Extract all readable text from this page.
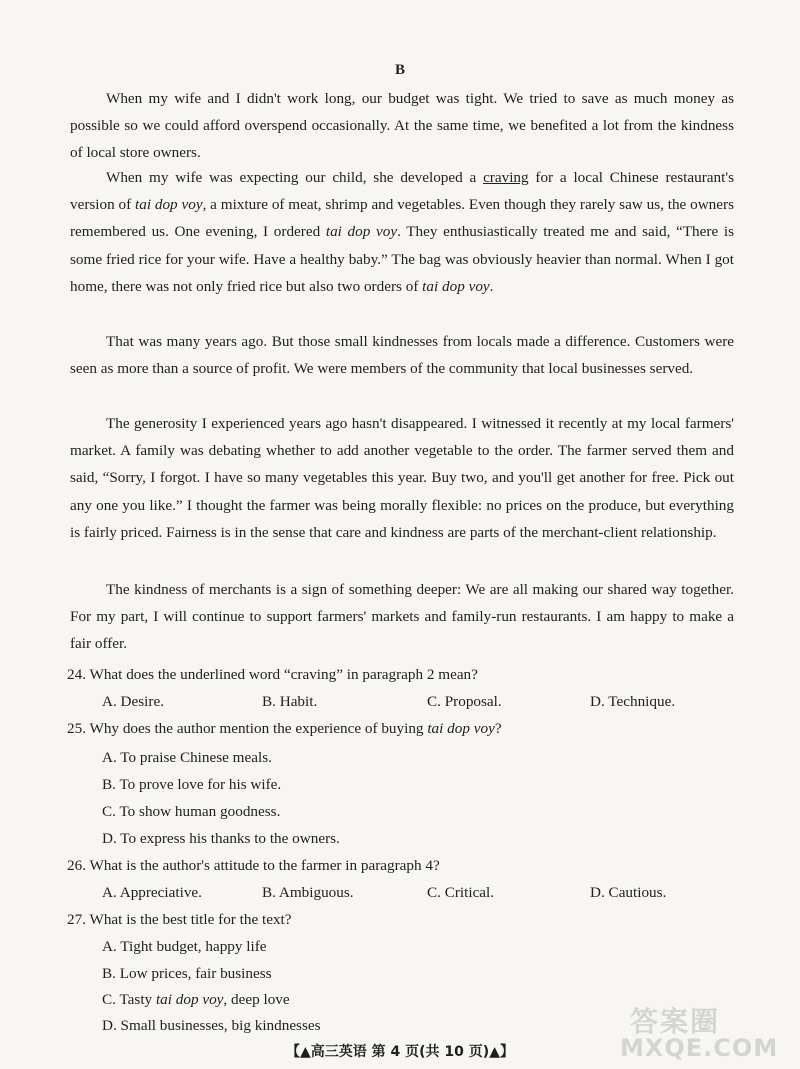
B

When my wife and I didn't work long, our budget was tight. We tried to save as much money as possible so we could afford overspend occasionally. At the same time, we benefited a lot from the kindness of local store owners.

When my wife was expecting our child, she developed a craving for a local Chinese restaurant's version of tai dop voy, a mixture of meat, shrimp and vegetables. Even though they rarely saw us, the owners remembered us. One evening, I ordered tai dop voy. They enthusiastically treated me and said, “There is some fried rice for your wife. Have a healthy baby.” The bag was obviously heavier than normal. When I got home, there was not only fried rice but also two orders of tai dop voy.

That was many years ago. But those small kindnesses from locals made a difference. Customers were seen as more than a source of profit. We were members of the community that local businesses served.

The generosity I experienced years ago hasn't disappeared. I witnessed it recently at my local farmers' market. A family was debating whether to add another vegetable to the order. The farmer served them and said, “Sorry, I forgot. I have so many vegetables this year. Buy two, and you'll get another for free. Pick out any one you like.” I thought the farmer was being morally flexible: no prices on the produce, but everything is fairly priced. Fairness is in the sense that care and kindness are parts of the merchant-client relationship.

The kindness of merchants is a sign of something deeper: We are all making our shared way together. For my part, I will continue to support farmers' markets and family-run restaurants. I am happy to make a fair offer.

24. What does the underlined word “craving” in paragraph 2 mean?

A. Desire.	B. Habit.	C. Proposal.	D. Technique.

25. Why does the author mention the experience of buying tai dop voy?

A. To praise Chinese meals.
B. To prove love for his wife.
C. To show human goodness.
D. To express his thanks to the owners.

26. What is the author's attitude to the farmer in paragraph 4?

A. Appreciative.	B. Ambiguous.	C. Critical.	D. Cautious.

27. What is the best title for the text?

A. Tight budget, happy life
B. Low prices, fair business
C. Tasty tai dop voy, deep love
D. Small businesses, big kindnesses
【▲高三英语 第 4 页(共 10 页)▲】
答案圈
MXQE.COM
